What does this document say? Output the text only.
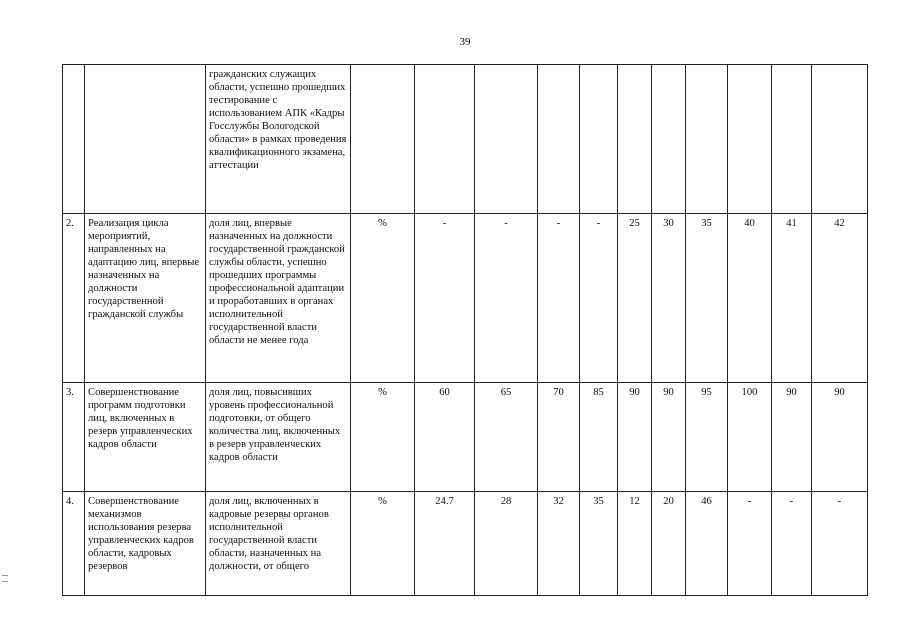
39
		гражданских служащих области, успешно прошедших тестирование с использованием АПК «Кадры Госслужбы Вологодской области» в рамках проведения квалификационного экзамена, аттестации											
2.	Реализация цикла мероприятий, направленных на адаптацию лиц, впервые назначенных на должности государственной гражданской службы	доля лиц, впервые назначенных на должности государственной гражданской службы области, успешно прошедших программы профессиональной адаптации и проработавших в органах исполнительной государственной власти области не менее года	%	-	-	-	-	25	30	35	40	41	42
3.	Совершенствование программ подготовки лиц, включенных в резерв управленческих кадров области	доля лиц, повысивших уровень профессиональной подготовки, от общего количества лиц, включенных в резерв управленческих кадров области	%	60	65	70	85	90	90	95	100	90	90
4.	Совершенствование механизмов использования резерва управленческих кадров области, кадровых резервов	доля лиц, включенных в кадровые резервы органов исполнительной государственной власти области, назначенных на должности, от общего	%	24.7	28	32	35	12	20	46	-	-	-
